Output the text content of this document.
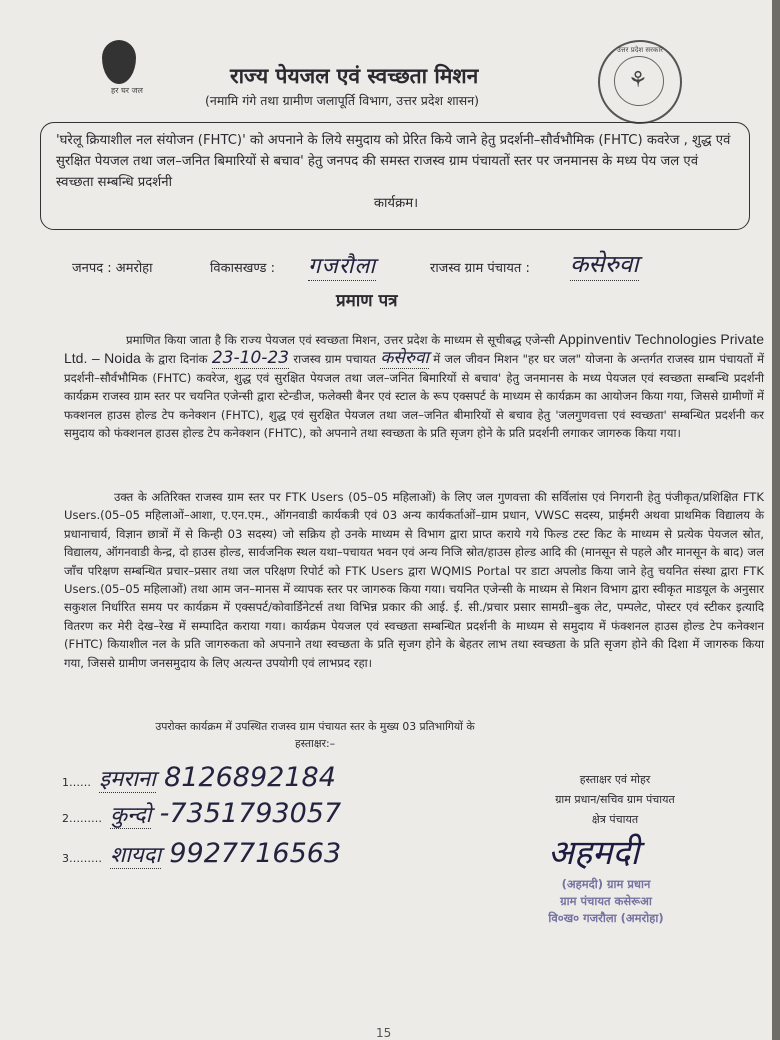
हर घर जल
राज्य पेयजल एवं स्वच्छता मिशन
(नमामि गंगे तथा ग्रामीण जलापूर्ति विभाग, उत्तर प्रदेश शासन)
उत्तर प्रदेश सरकार
⚘
'घरेलू क्रियाशील नल संयोजन (FHTC)' को अपनाने के लिये समुदाय को प्रेरित किये जाने हेतु प्रदर्शनी–सौर्वभौमिक (FHTC) कवरेज , शुद्ध एवं सुरक्षित पेयजल तथा जल–जनित बिमारियों से बचाव' हेतु जनपद की समस्त राजस्व ग्राम पंचायतों स्तर पर जनमानस के मध्य पेय जल एवं स्वच्छता सम्बन्धि प्रदर्शनी
कार्यक्रम।
जनपद : अमरोहा	विकासखण्ड : गजरौला	राजस्व ग्राम पंचायत : कसेरुवा
प्रमाण पत्र
प्रमाणित किया जाता है कि राज्य पेयजल एवं स्वच्छता मिशन, उत्तर प्रदेश के माध्यम से सूचीबद्ध एजेन्सी Appinventiv Technologies Private Ltd. – Noida के द्वारा दिनांक 23-10-23 राजस्व ग्राम पचायत कसेरुवा में जल जीवन मिशन "हर घर जल" योजना के अन्तर्गत राजस्व ग्राम पंचायतों में प्रदर्शनी–सौर्वभौमिक (FHTC) कवरेज, शुद्ध एवं सुरक्षित पेयजल तथा जल–जनित बिमारियों से बचाव' हेतु जनमानस के मध्य पेयजल एवं स्वच्छता सम्बन्धि प्रदर्शनी कार्यक्रम राजस्व ग्राम स्तर पर चयनित एजेन्सी द्वारा स्टेन्डीज, फलेक्सी बैनर एवं स्टाल के रूप एक्सपर्ट के माध्यम से कार्यक्रम का आयोजन किया गया, जिससे ग्रामीणों में फक्शनल हाउस होल्ड टेप कनेक्शन (FHTC), शुद्ध एवं सुरक्षित पेयजल तथा जल–जनित बीमारियों से बचाव हेतु 'जलगुणवत्ता एवं स्वच्छता' सम्बन्धित प्रदर्शनी कर समुदाय को फंक्शनल हाउस होल्ड टेप कनेक्शन (FHTC), को अपनाने तथा स्वच्छता के प्रति सृजग होने के प्रति प्रदर्शनी लगाकर जागरुक किया गया।
उक्त के अतिरिक्त राजस्व ग्राम स्तर पर FTK Users (05–05 महिलाओं) के लिए जल गुणवत्ता की सर्विलांस एवं निगरानी हेतु पंजीकृत/प्रशिक्षित FTK Users.(05–05 महिलाओं–आशा, ए.एन.एम., ऑगनवाडी कार्यकत्री एवं 03 अन्य कार्यकर्ताओं–ग्राम प्रधान, VWSC सदस्य, प्राईमरी अथवा प्राथमिक विद्यालय के प्रधानाचार्य, विज्ञान छात्रों में से किन्ही 03 सदस्य) जो सक्रिय हो उनके माध्यम से विभाग द्वारा प्राप्त कराये गये फिल्ड टस्ट किट के माध्यम से प्रत्येक पेयजल स्रोत, विद्यालय, ऑगनवाडी केन्द्र, दो हाउस होल्ड, सार्वजनिक स्थल यथा–पचायत भवन एवं अन्य निजि स्रोत/हाउस होल्ड आदि की (मानसून से पहले और मानसून के बाद) जल जाँच परिक्षण सम्बन्धित प्रचार–प्रसार तथा जल परिक्षण रिपोर्ट को FTK Users द्वारा WQMIS Portal पर डाटा अपलोड किया जाने हेतु चयनित संस्था द्वारा FTK Users.(05–05 महिलाओं) तथा आम जन–मानस में व्यापक स्तर पर जागरुक किया गया। चयनित एजेन्सी के माध्यम से मिशन विभाग द्वारा स्वीकृत माडयूल के अनुसार सकुशल निर्धारित समय पर कार्यक्रम में एक्सपर्ट/कोवार्डिनेटर्स तथा विभिन्न प्रकार की आई. ई. सी./प्रचार प्रसार सामग्री–बुक लेट, पम्पलेट, पोस्टर एवं स्टीकर इत्यादि वितरण कर मेरी देख–रेख में सम्पादित कराया गया। कार्यक्रम पेयजल एवं स्वच्छता सम्बन्धित प्रदर्शनी के माध्यम से समुदाय में फंक्शनल हाउस होल्ड टेप कनेक्शन (FHTC) कियाशील नल के प्रति जागरुकता को अपनाने तथा स्वच्छता के प्रति सृजग होने के बेहतर लाभ तथा स्वच्छता के प्रति सृजग होने की दिशा में जागरुक किया गया, जिससे ग्रामीण जनसमुदाय के लिए अत्यन्त उपयोगी एवं लाभप्रद रहा।
उपरोक्त कार्यक्रम में उपस्थित राजस्व ग्राम पंचायत स्तर के मुख्य 03 प्रतिभागियों के हस्ताक्षर:–
1…… इमराना 8126892184
2……… कुन्दो -7351793057
3……… शायदा 9927716563
हस्ताक्षर एवं मोहर
ग्राम प्रधान/सचिव ग्राम पंचायत
क्षेत्र पंचायत
अहमदी
(अहमदी) ग्राम प्रधान
ग्राम पंचायत कसेरूआ
वि०ख० गजरौला (अमरोहा)
15
